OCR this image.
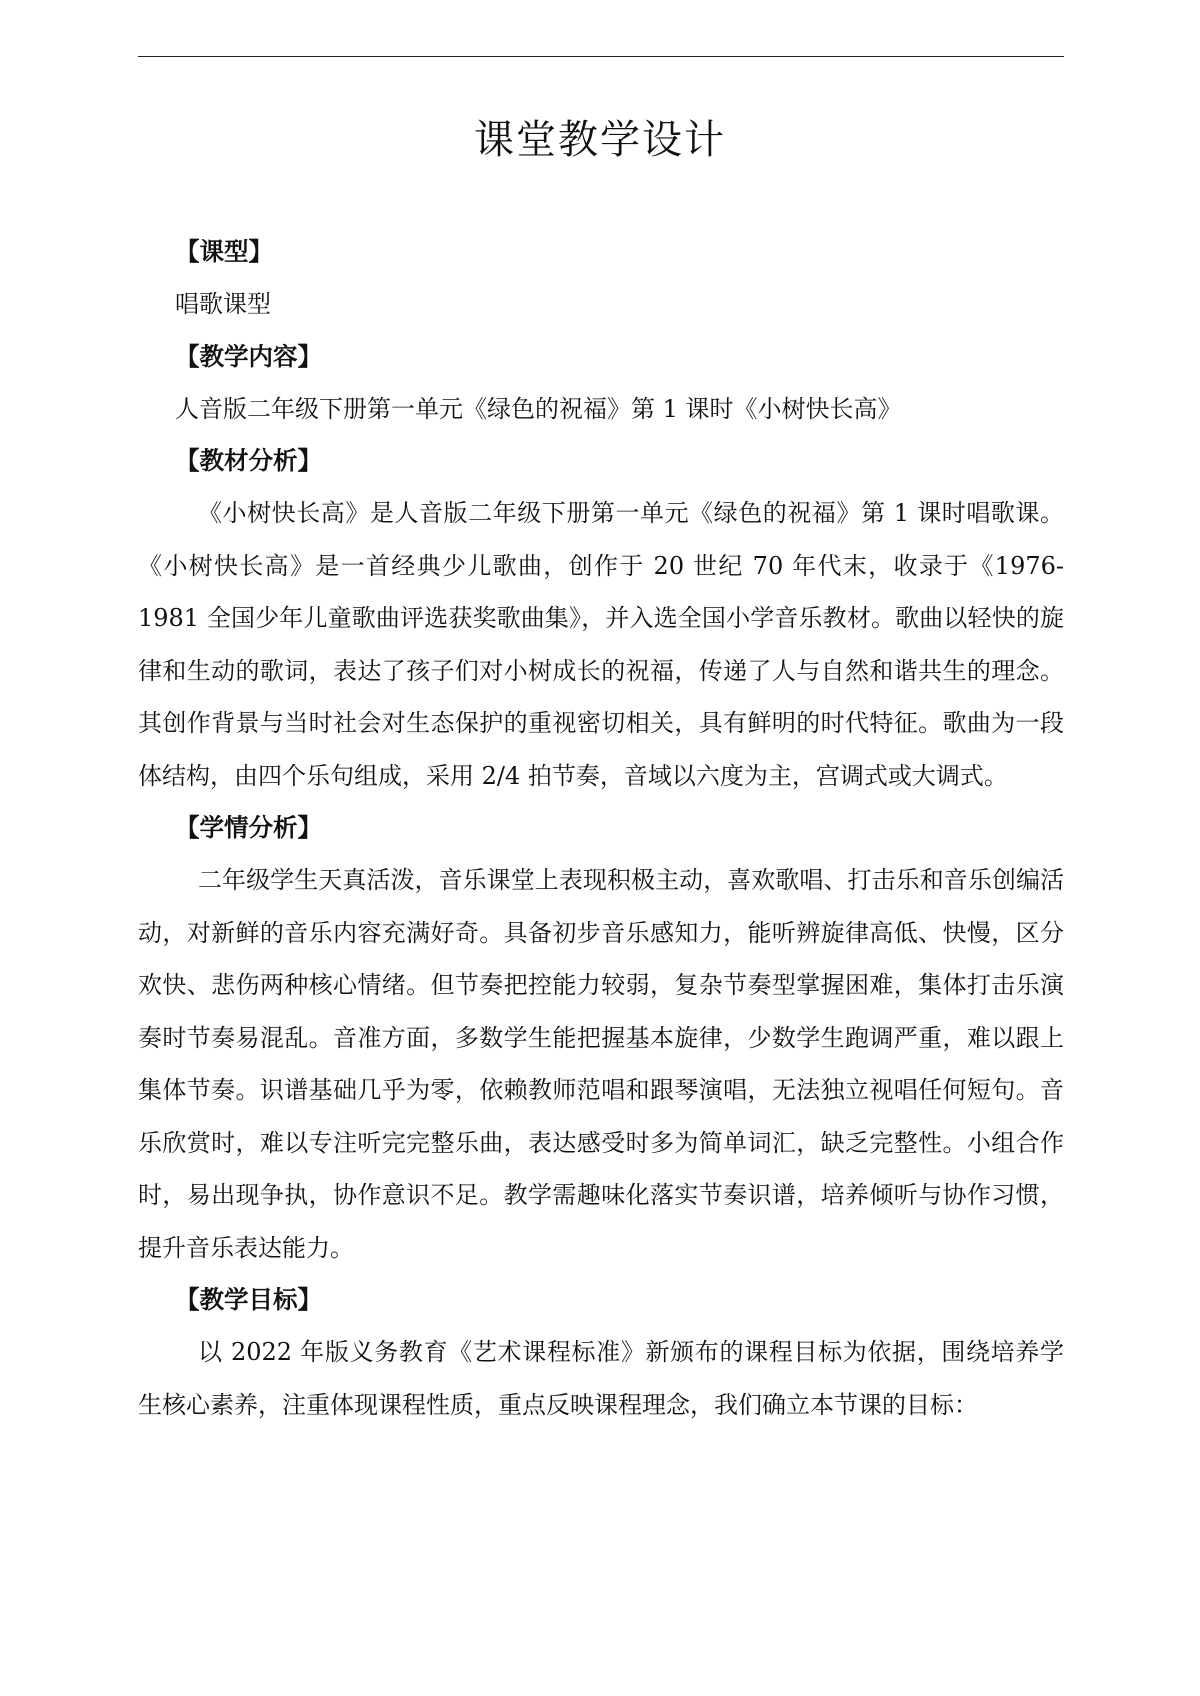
课堂教学设计
【课型】

唱歌课型

【教学内容】

人音版二年级下册第一单元《绿色的祝福》第 1 课时《小树快长高》

【教材分析】

《小树快长高》是人音版二年级下册第一单元《绿色的祝福》第 1 课时唱歌课。《小树快长高》是一首经典少儿歌曲，创作于 20 世纪 70 年代末，收录于《1976-1981 全国少年儿童歌曲评选获奖歌曲集》，并入选全国小学音乐教材。歌曲以轻快的旋律和生动的歌词，表达了孩子们对小树成长的祝福，传递了人与自然和谐共生的理念。其创作背景与当时社会对生态保护的重视密切相关，具有鲜明的时代特征。歌曲为一段体结构，由四个乐句组成，采用 2/4 拍节奏，音域以六度为主，宫调式或大调式。

【学情分析】

二年级学生天真活泼，音乐课堂上表现积极主动，喜欢歌唱、打击乐和音乐创编活动，对新鲜的音乐内容充满好奇。具备初步音乐感知力，能听辨旋律高低、快慢，区分欢快、悲伤两种核心情绪。但节奏把控能力较弱，复杂节奏型掌握困难，集体打击乐演奏时节奏易混乱。音准方面，多数学生能把握基本旋律，少数学生跑调严重，难以跟上集体节奏。识谱基础几乎为零，依赖教师范唱和跟琴演唱，无法独立视唱任何短句。音乐欣赏时，难以专注听完完整乐曲，表达感受时多为简单词汇，缺乏完整性。小组合作时，易出现争执，协作意识不足。教学需趣味化落实节奏识谱，培养倾听与协作习惯，提升音乐表达能力。

【教学目标】

以 2022 年版义务教育《艺术课程标准》新颁布的课程目标为依据，围绕培养学生核心素养，注重体现课程性质，重点反映课程理念，我们确立本节课的目标：
